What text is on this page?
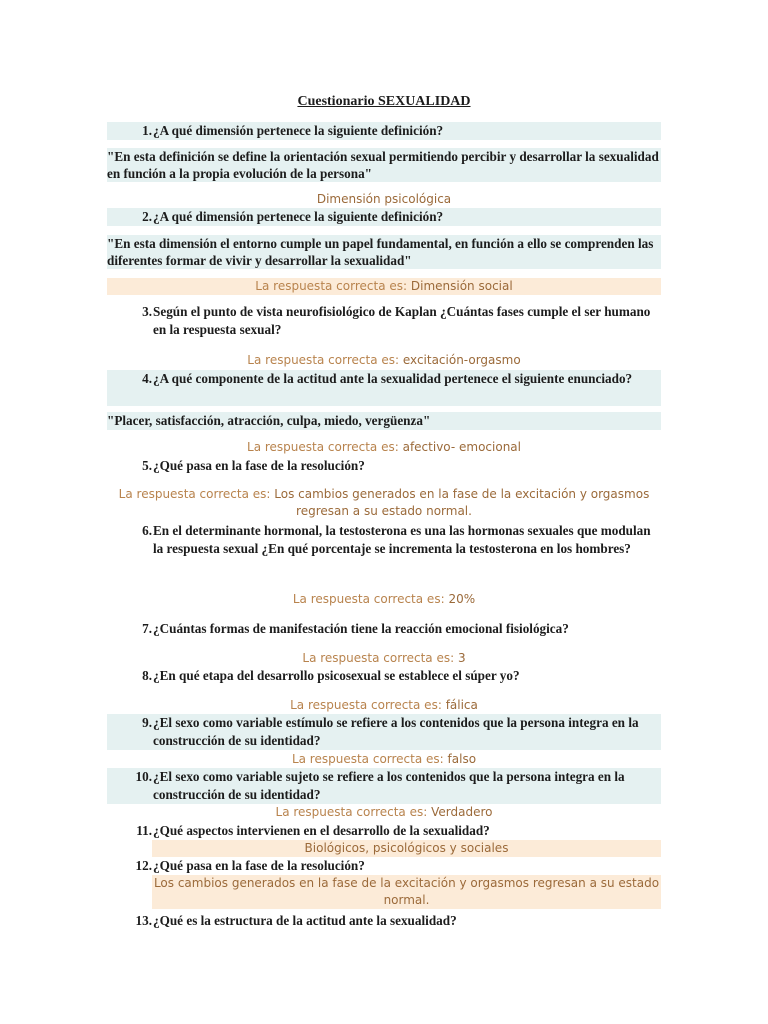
Cuestionario SEXUALIDAD
1. ¿A qué dimensión pertenece la siguiente definición?
"En esta definición se define la orientación sexual permitiendo percibir y desarrollar la sexualidad en función a la propia evolución de la persona"
Dimensión psicológica
2. ¿A qué dimensión pertenece la siguiente definición?
"En esta dimensión el entorno cumple un papel fundamental, en función a ello se comprenden las diferentes formar de vivir y desarrollar la sexualidad"
La respuesta correcta es: Dimensión social
3. Según el punto de vista neurofisiológico de Kaplan ¿Cuántas fases cumple el ser humano en la respuesta sexual?
La respuesta correcta es: excitación-orgasmo
4. ¿A qué componente de la actitud ante la sexualidad pertenece el siguiente enunciado?
"Placer, satisfacción, atracción, culpa, miedo, vergüenza"
La respuesta correcta es: afectivo- emocional
5. ¿Qué pasa en la fase de la resolución?
La respuesta correcta es: Los cambios generados en la fase de la excitación y orgasmos regresan a su estado normal.
6. En el determinante hormonal, la testosterona es una las hormonas sexuales que modulan la respuesta sexual ¿En qué porcentaje se incrementa la testosterona en los hombres?
La respuesta correcta es: 20%
7. ¿Cuántas formas de manifestación tiene la reacción emocional fisiológica?
La respuesta correcta es: 3
8. ¿En qué etapa del desarrollo psicosexual se establece el súper yo?
La respuesta correcta es: fálica
9. ¿El sexo como variable estímulo se refiere a los contenidos que la persona integra en la construcción de su identidad?
La respuesta correcta es: falso
10. ¿El sexo como variable sujeto se refiere a los contenidos que la persona integra en la construcción de su identidad?
La respuesta correcta es: Verdadero
11. ¿Qué aspectos intervienen en el desarrollo de la sexualidad?
Biológicos, psicológicos y sociales
12. ¿Qué pasa en la fase de la resolución?
Los cambios generados en la fase de la excitación y orgasmos regresan a su estado normal.
13. ¿Qué es la estructura de la actitud ante la sexualidad?
